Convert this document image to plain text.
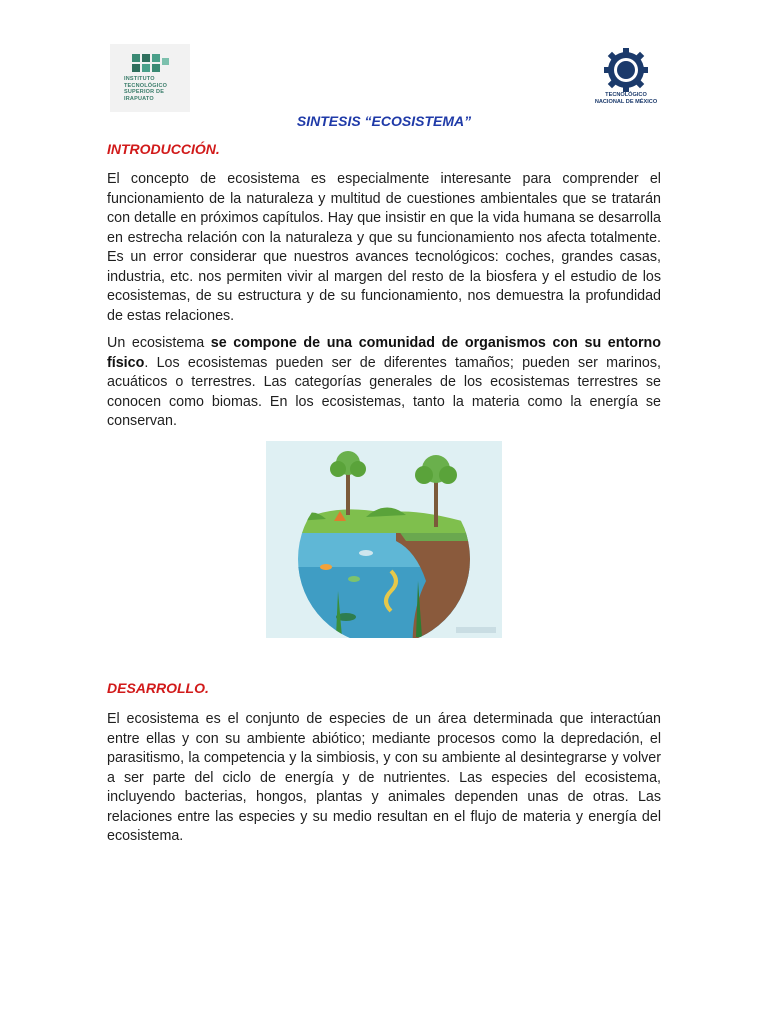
INSTITUTO TECNOLÓGICO SUPERIOR DE IRAPUATO
TECNOLÓGICO
NACIONAL DE MÉXICO
SINTESIS “ECOSISTEMA”
INTRODUCCIÓN.
El concepto de ecosistema es especialmente interesante para comprender el funcionamiento de la naturaleza y multitud de cuestiones ambientales que se tratarán con detalle en próximos capítulos. Hay que insistir en que la vida humana se desarrolla en estrecha relación con la naturaleza y que su funcionamiento nos afecta totalmente. Es un error considerar que nuestros avances tecnológicos: coches, grandes casas, industria, etc. nos permiten vivir al margen del resto de la biosfera y el estudio de los ecosistemas, de su estructura y de su funcionamiento, nos demuestra la profundidad de estas relaciones.
Un ecosistema se compone de una comunidad de organismos con su entorno físico. Los ecosistemas pueden ser de diferentes tamaños; pueden ser marinos, acuáticos o terrestres. Las categorías generales de los ecosistemas terrestres se conocen como biomas. En los ecosistemas, tanto la materia como la energía se conservan.
DESARROLLO.
El ecosistema es el conjunto de especies de un área determinada que interactúan entre ellas y con su ambiente abiótico; mediante procesos como la depredación, el parasitismo, la competencia y la simbiosis, y con su ambiente al desintegrarse y volver a ser parte del ciclo de energía y de nutrientes. Las especies del ecosistema, incluyendo bacterias, hongos, plantas y animales dependen unas de otras. Las relaciones entre las especies y su medio resultan en el flujo de materia y energía del ecosistema.
